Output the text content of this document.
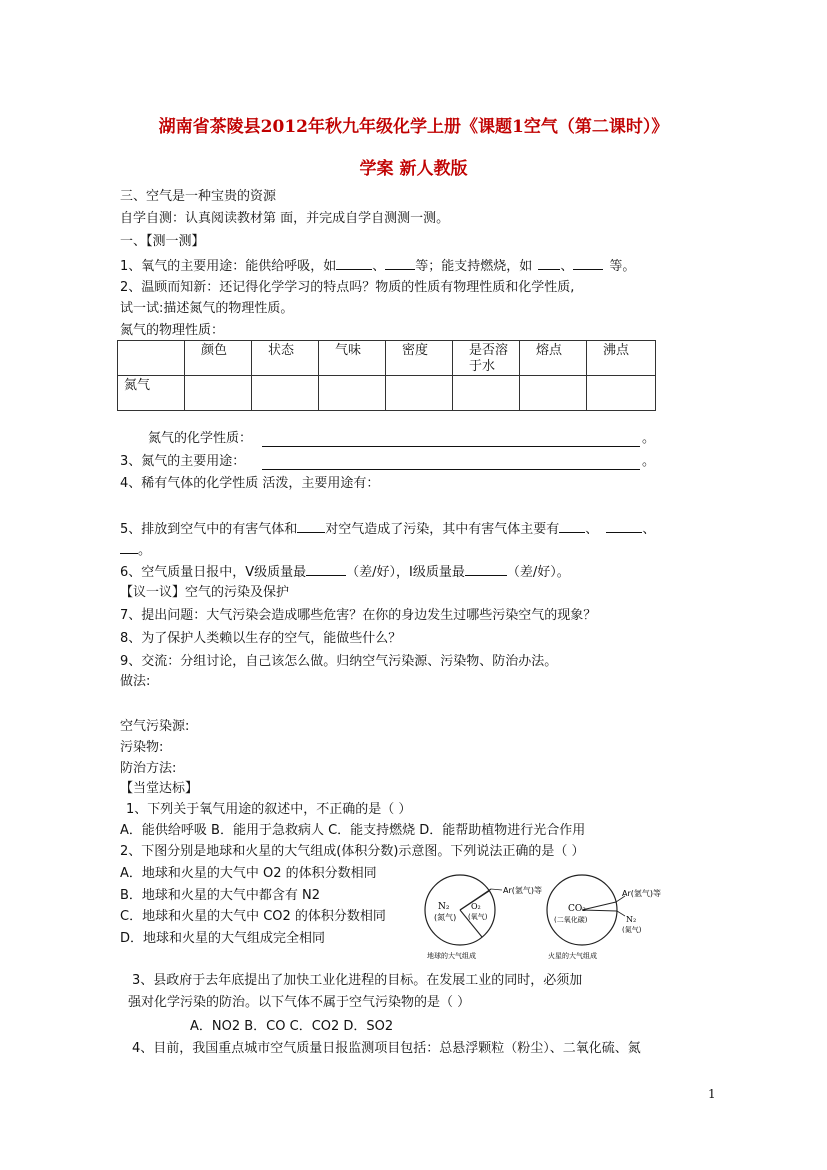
湖南省茶陵县2012年秋九年级化学上册《课题1空气（第二课时）》
学案 新人教版
三、空气是一种宝贵的资源
自学自测：认真阅读教材第 面，并完成自学自测测一测。
一、【测一测】
1、氧气的主要用途：能供给呼吸，如	、 等；能支持燃烧，如 、	等。
2、温顾而知新：还记得化学学习的特点吗？物质的性质有物理性质和化学性质,
试一试:描述氮气的物理性质。
氮气的物理性质：
	颜色	状态	气味	密度	是否溶于水	熔点	沸点
氮气							
氮气的化学性质：	。
3、氮气的主要用途：	。
4、稀有气体的化学性质 活泼，主要用途有：
5、排放到空气中的有害气体和 对空气造成了污染，其中有害气体主要有 、	、
。
6、空气质量日报中，V级质量最	（差/好），I级质量最	（差/好）。
【议一议】空气的污染及保护
7、提出问题：大气污染会造成哪些危害？在你的身边发生过哪些污染空气的现象？
8、为了保护人类赖以生存的空气，能做些什么？
9、交流：分组讨论，自己该怎么做。归纳空气污染源、污染物、防治办法。
做法:
空气污染源:
污染物:
防治方法:
【当堂达标】
1、下列关于氧气用途的叙述中，不正确的是（ ）
A．能供给呼吸 B．能用于急救病人 C．能支持燃烧 D．能帮助植物进行光合作用
2、下图分别是地球和火星的大气组成(体积分数)示意图。下列说法正确的是（ ）
A．地球和火星的大气中 O2 的体积分数相同
B．地球和火星的大气中都含有 N2
C．地球和火星的大气中 CO2 的体积分数相同
D．地球和火星的大气组成完全相同
N₂
(氮气)
O₂
(氧气)
Ar(氩气)等
地球的大气组成
CO₂
(二氧化碳)
Ar(氩气)等
N₂
(氮气)
火星的大气组成
3、县政府于去年底提出了加快工业化进程的目标。在发展工业的同时，必须加
强对化学污染的防治。以下气体不属于空气污染物的是（ ）
A．NO2 B．CO C．CO2 D．SO2
4、目前，我国重点城市空气质量日报监测项目包括：总悬浮颗粒（粉尘）、二氧化硫、氮
1
